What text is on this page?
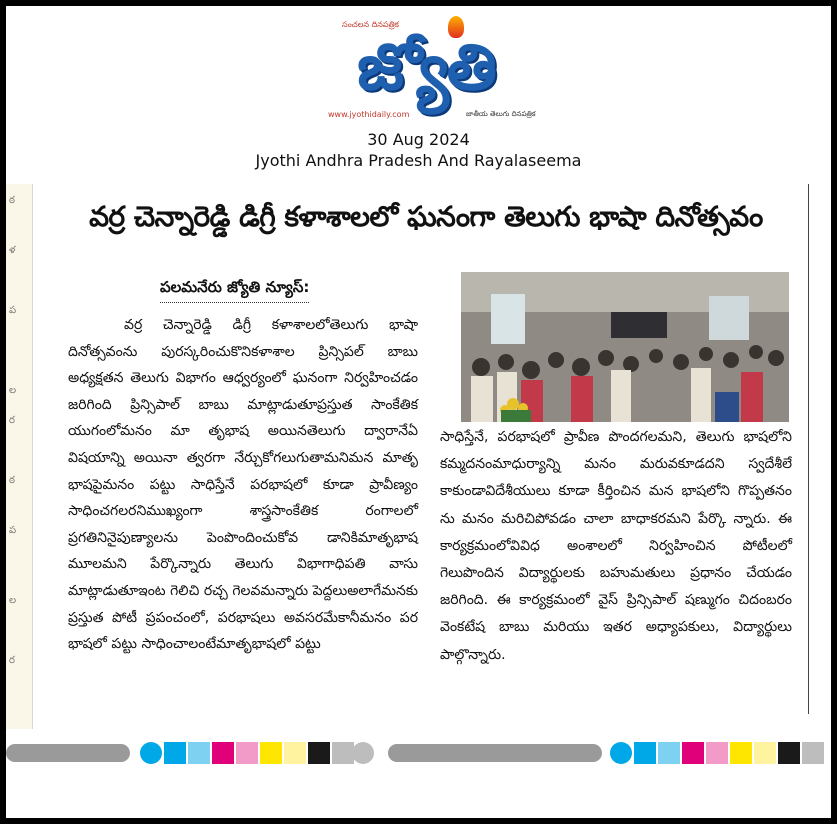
సంచలన దినపత్రిక
జ్యోతి
www.jyothidaily.com	జాతీయ తెలుగు దినపత్రిక
30 Aug 2024
Jyothi Andhra Pradesh And Rayalaseema
ఠ
ళ
ప
ల
ర
ఠ
ప
ల
ర
వర్ర చెన్నారెడ్డి డిగ్రీ కళాశాలలో ఘనంగా తెలుగు భాషా దినోత్సవం
పలమనేరు జ్యోతి న్యూస్:
వర్ర చెన్నారెడ్డి డిగ్రీ కళాశాలలోతెలుగు భాషా దినోత్సవంను పురస్కరించుకొనికళాశాల ప్రిన్సిపల్ బాబు అధ్యక్షతన తెలుగు విభాగం ఆధ్వర్యంలో ఘనంగా నిర్వహించడం జరిగింది ప్రిన్సిపాల్ బాబు మాట్లాడుతూప్రస్తుత సాంకేతిక యుగంలోమనం మా తృభాష అయినతెలుగు ద్వారానేఏ విషయాన్ని అయినా త్వరగా నేర్చుకోగలుగుతామనిమన మాతృ భాషపైమనం పట్టు సాధిస్తేనే పరభాషలో కూడా ప్రావీణ్యం సాధించగలరనిముఖ్యంగా శాస్త్రసాంకేతిక రంగాలలో ప్రగతినినైపుణ్యాలను పెంపొందించుకోవ డానికిమాతృభాష మూలమని పేర్కొన్నారు తెలుగు విభాగాధిపతి వాసు మాట్లాడుతూఇంట గెలిచి రచ్చ గెలవమన్నారు పెద్దలుఅలాగేమనకు ప్రస్తుత పోటీ ప్రపంచంలో, పరభాషలు అవసరమేకానీమనం పర భాషలో పట్టు సాధించాలంటేమాతృభాషలో పట్టు
సాధిస్తేనే, పరభాషలో ప్రావీణ పొందగలమని, తెలుగు భాషలోని కమ్మదనంమాధుర్యాన్ని మనం మరువకూడదని స్వదేశీలే కాకుండావిదేశీయులు కూడా కీర్తించిన మన భాషలోని గొప్పతనం ను మనం మరిచిపోవడం చాలా బాధాకరమని పేర్కొ న్నారు. ఈ కార్యక్రమంలోవివిధ అంశాలలో నిర్వహించిన పోటీలలో గెలుపొందిన విద్యార్థులకు బహుమతులు ప్రధానం చేయడం జరిగింది. ఈ కార్యక్రమంలో వైస్ ప్రిన్సిపాల్ షణ్ముగం చిదంబరం వెంకటేష బాబు మరియు ఇతర అధ్యాపకులు, విద్యార్థులు పాల్గొన్నారు.
